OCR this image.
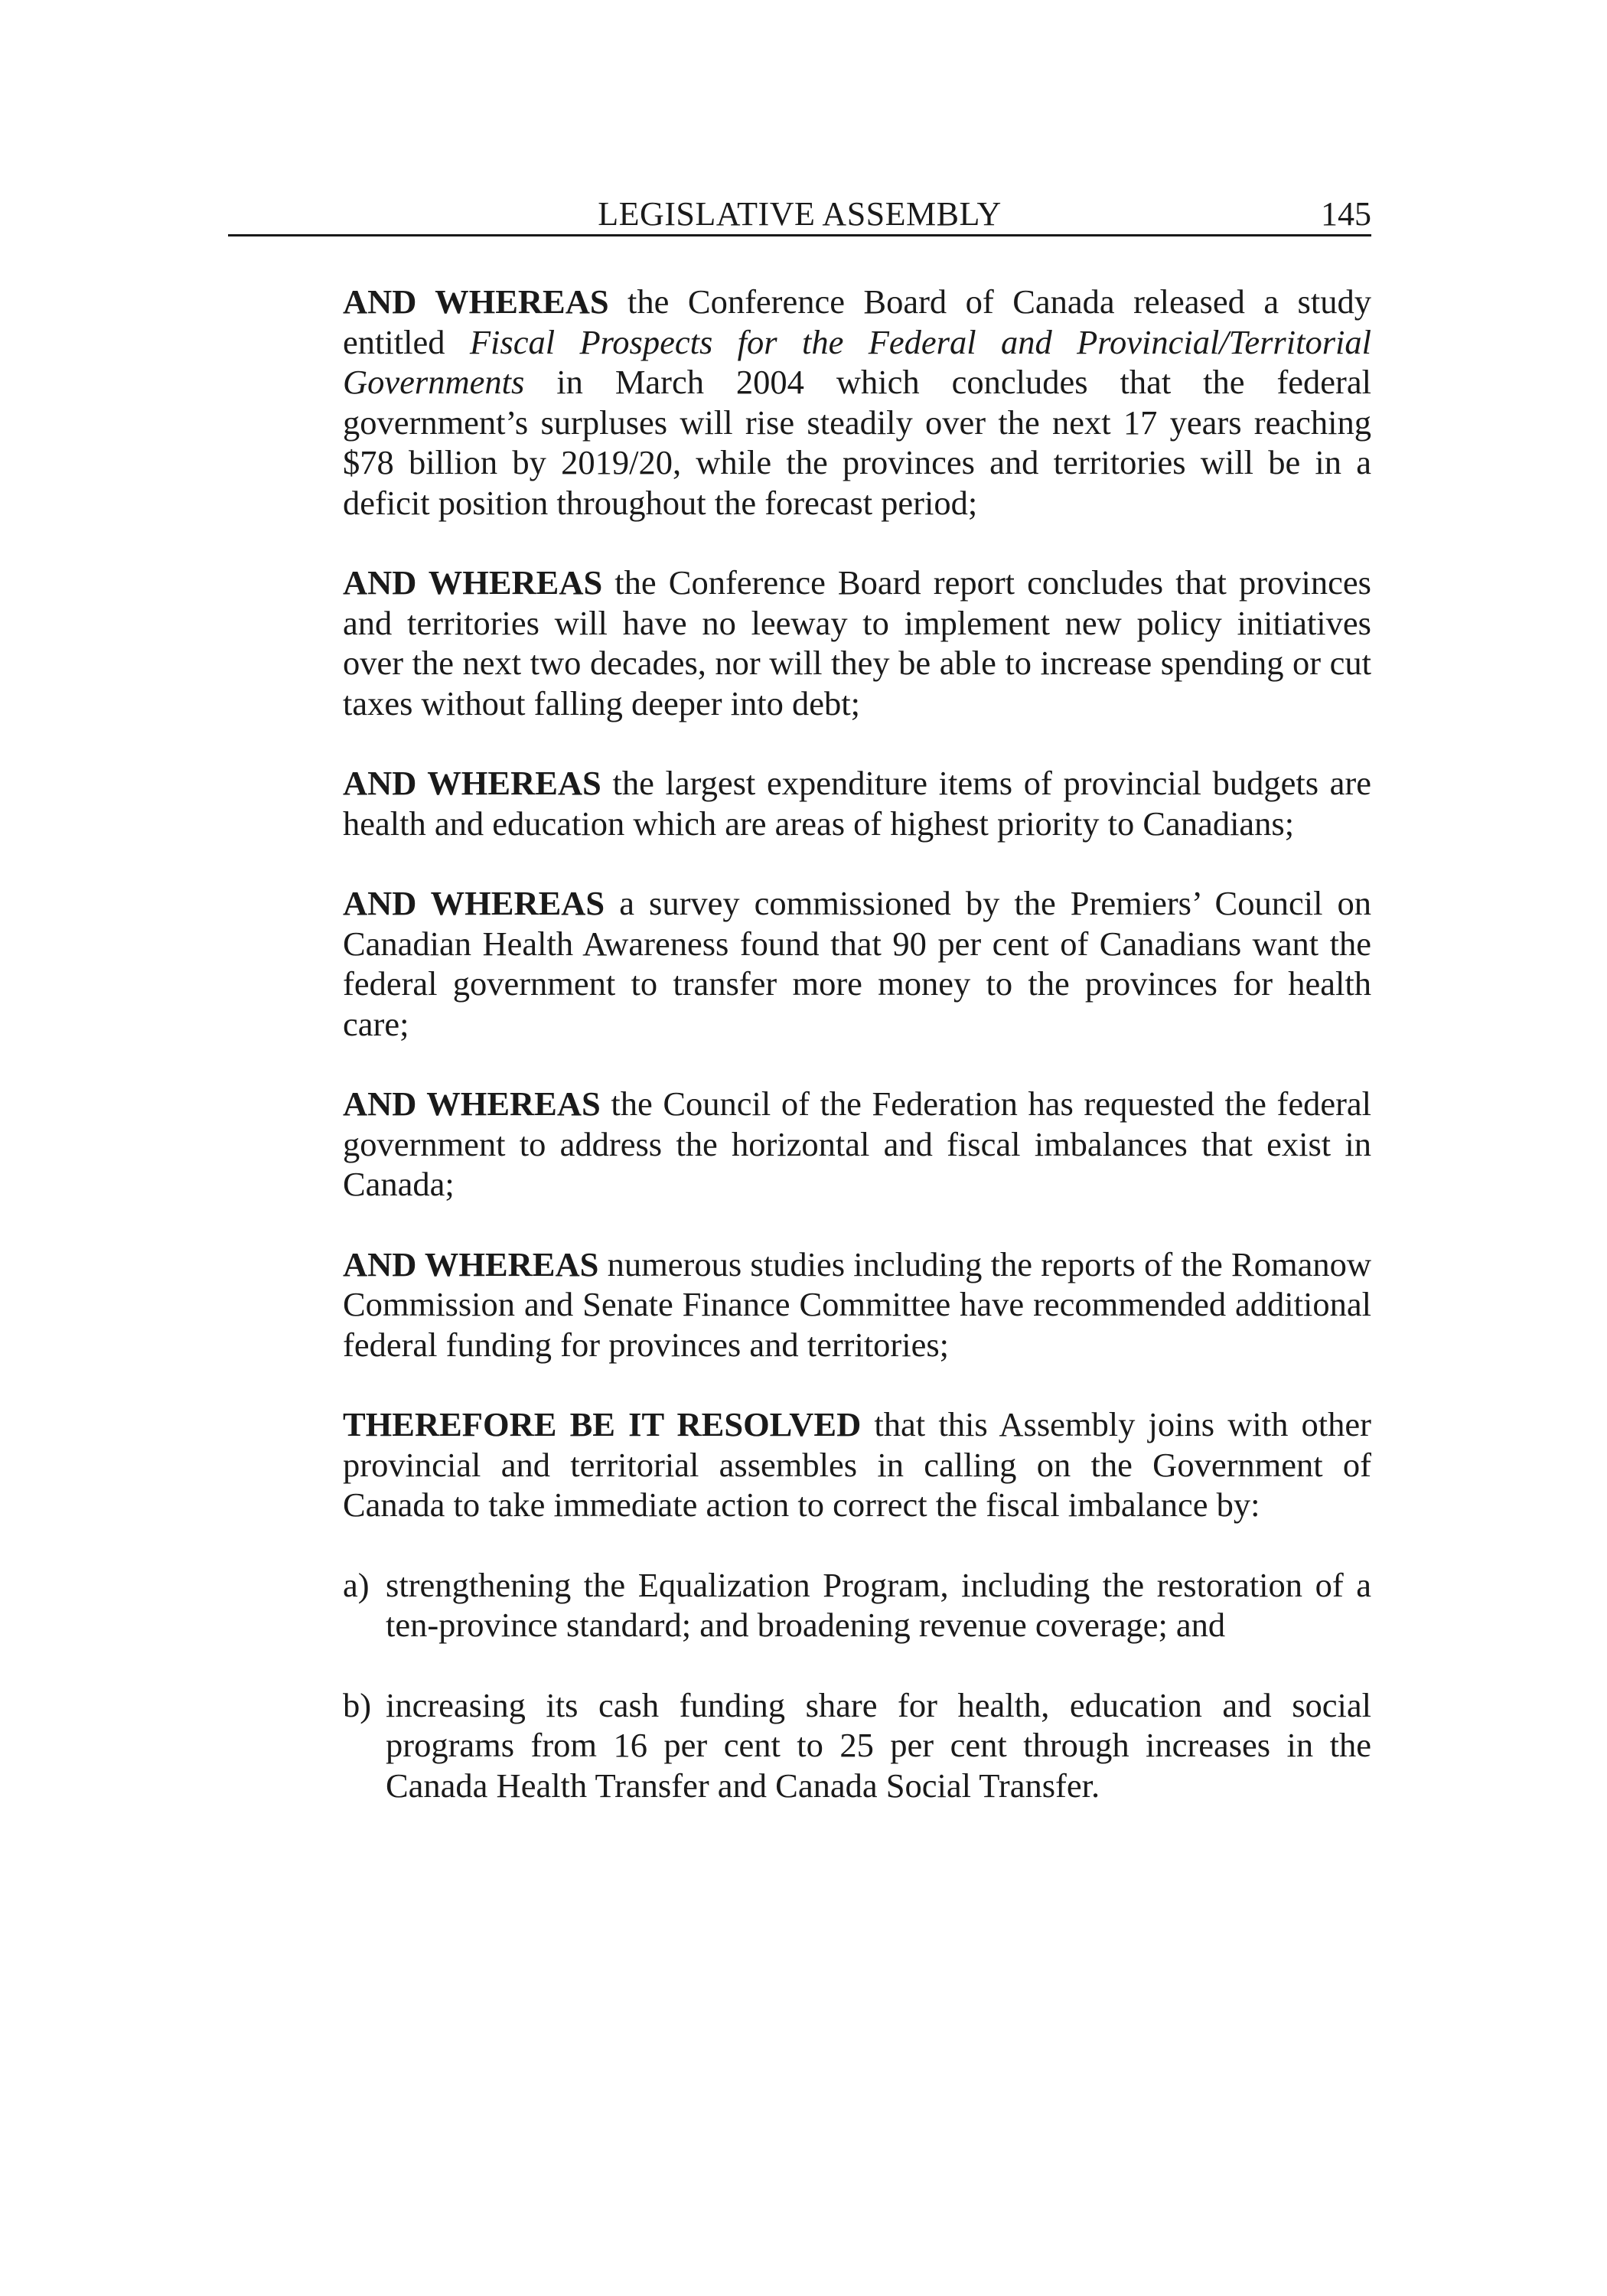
LEGISLATIVE ASSEMBLY	145

AND WHEREAS the Conference Board of Canada released a study entitled Fiscal Prospects for the Federal and Provincial/Territorial Governments in March 2004 which concludes that the federal government’s surpluses will rise steadily over the next 17 years reaching $78 billion by 2019/20, while the provinces and territories will be in a deficit position throughout the forecast period;

AND WHEREAS the Conference Board report concludes that provinces and territories will have no leeway to implement new policy initiatives over the next two decades, nor will they be able to increase spending or cut taxes without falling deeper into debt;

AND WHEREAS the largest expenditure items of provincial budgets are health and education which are areas of highest priority to Canadians;

AND WHEREAS a survey commissioned by the Premiers’ Council on Canadian Health Awareness found that 90 per cent of Canadians want the federal government to transfer more money to the provinces for health care;

AND WHEREAS the Council of the Federation has requested the federal government to address the horizontal and fiscal imbalances that exist in Canada;

AND WHEREAS numerous studies including the reports of the Romanow Commission and Senate Finance Committee have recommended additional federal funding for provinces and territories;

THEREFORE BE IT RESOLVED that this Assembly joins with other provincial and territorial assembles in calling on the Government of Canada to take immediate action to correct the fiscal imbalance by:

a) strengthening the Equalization Program, including the restoration of a ten-province standard; and broadening revenue coverage; and
b) increasing its cash funding share for health, education and social programs from 16 per cent to 25 per cent through increases in the Canada Health Transfer and Canada Social Transfer.
